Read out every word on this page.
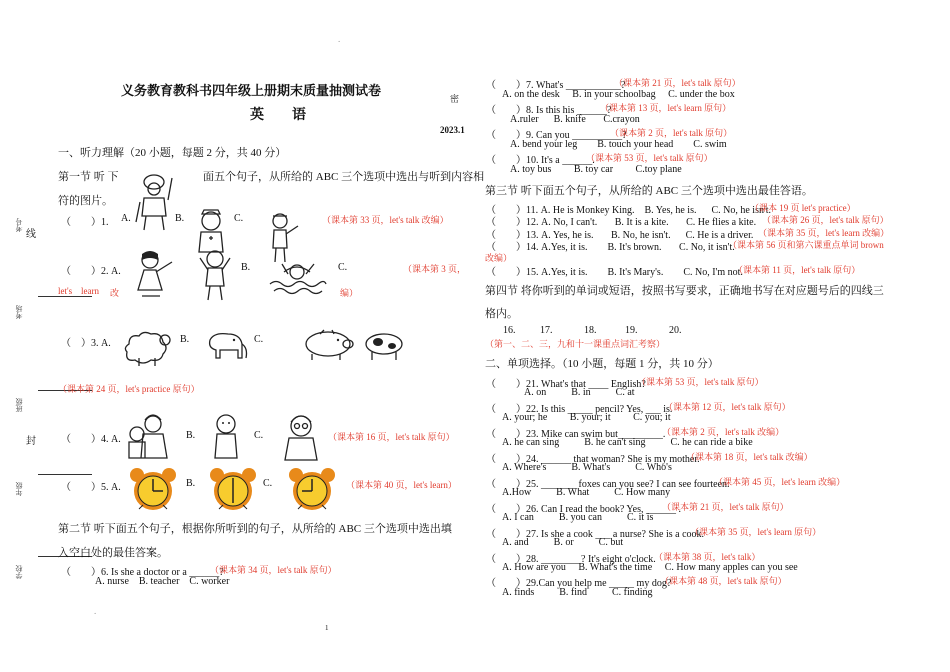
.
密
考号
线
考场
班级
封
年级
学校
义务教育教科书四年级上册期末质量抽测试卷
英　　语
2023.1
一、听力理解（20 小题，每题 2 分，共 40 分）
第一节 听 下	面五个句子，从所给的 ABC 三个选项中选出与听到内容相
符的图片。
（　　）1. A.	B.	C.	（课本第 33 页，let's talk 改编）
（　　）2. A.	B.	C.	（课本第 3 页，
let's learn 改	编）
（　）3. A.	B.	C.
（课本第 24 页，let's practice 原句）
（　　）4. A.	B.	C.	（课本第 16 页，let's talk 原句）
（　　）5. A.	B.	C.	（课本第 40 页，let's learn）
第二节 听下面五个句子，根据你所听到的句子，从所给的 ABC 三个选项中选出填
入空白处的最佳答案。
（　　）6. Is she a doctor or a ______?
（课本第 34 页，let's talk 原句）
A. nurse    B. teacher    C. worker
.
1
（　　）7. What's ___________?
（课本第 21 页，let's talk 原句）
A. on the desk     B. in your schoolbag     C. under the box
（　　）8. Is this his ______?
（课本第 13 页，let's learn 原句）
A.ruler      B. knife       C.crayon
（　　）9. Can you __________?
（课本第 2 页，let's talk 原句）
A. bend your leg        B. touch your head        C. swim
（　　）10. It's a ______.
（课本第 53 页，let's talk 原句）
A. toy bus         B. toy car         C.toy plane
第三节 听下面五个句子，从所给的 ABC 三个选项中选出最佳答语。
（　　）11. A. He is Monkey King.    B. Yes, he is.      C. No, he isn't.
（课本 19 页 let's practice）
（　　）12. A. No, I can't.       B. It is a kite.       C. He flies a kite. （课本第 26 页，let's talk 原句）
（　　）13. A. Yes, he is.       B. No, he isn't.      C. He is a driver. （课本第 35 页，let's learn 改编）
（　　）14. A.Yes, it is.        B. It's brown.       C. No, it isn't.
（课本第 56 页和第六课重点单词 brown
改编）
（　　）15. A.Yes, it is.        B. It's Mary's.        C. No, I'm not.
（课本第 11 页，let's talk 原句）
第四节 将你听到的单词或短语，按照书写要求，正确地书写在对应题号后的四线三
格内。
16. 17.	18.	19.	20.
（第一、二、三，九和十一课重点词汇考察）
二、单项选择。（10 小题，每题 1 分，共 10 分）
（　　）21. What's that ____ English?
（课本第 53 页，let's talk 原句）
A. on          B. in          C. at
（　　）22. Is this _____ pencil? Yes, ___ is.
（课本第 12 页，let's talk 原句）
A. your; he         B. your; it         C. you; it
（　　）23. Mike can swim but_________.
（课本第 2 页，let's talk 改编）
A. he can sing          B. he can't sing          C. he can ride a bike
（　　）24. ______ that woman? She is my mother.
（课本第 18 页，let's talk 改编）
A. Where's          B. What's          C. Who's
（　　）25. _______ foxes can you see? I can see fourteen.
（课本第 45 页，let's learn 改编）
A.How          B. What          C. How many
（　　）26. Can I read the book? Yes, ______ .
（课本第 21 页，let's talk 原句）
A. I can          B. you can          C. it is
（　　）27. Is she a cook ___ a nurse? She is a cook.
（课本第 35 页，let's learn 原句）
A. and          B. or          C. but
（　　）28. ________? It's eight o'clock.
（课本第 38 页，let's talk）
A. How are you     B. What's the time     C. How many apples can you see
（　　）29.Can you help me _____ my dog?
（课本第 48 页，let's talk 原句）
A. finds          B. find          C. finding
